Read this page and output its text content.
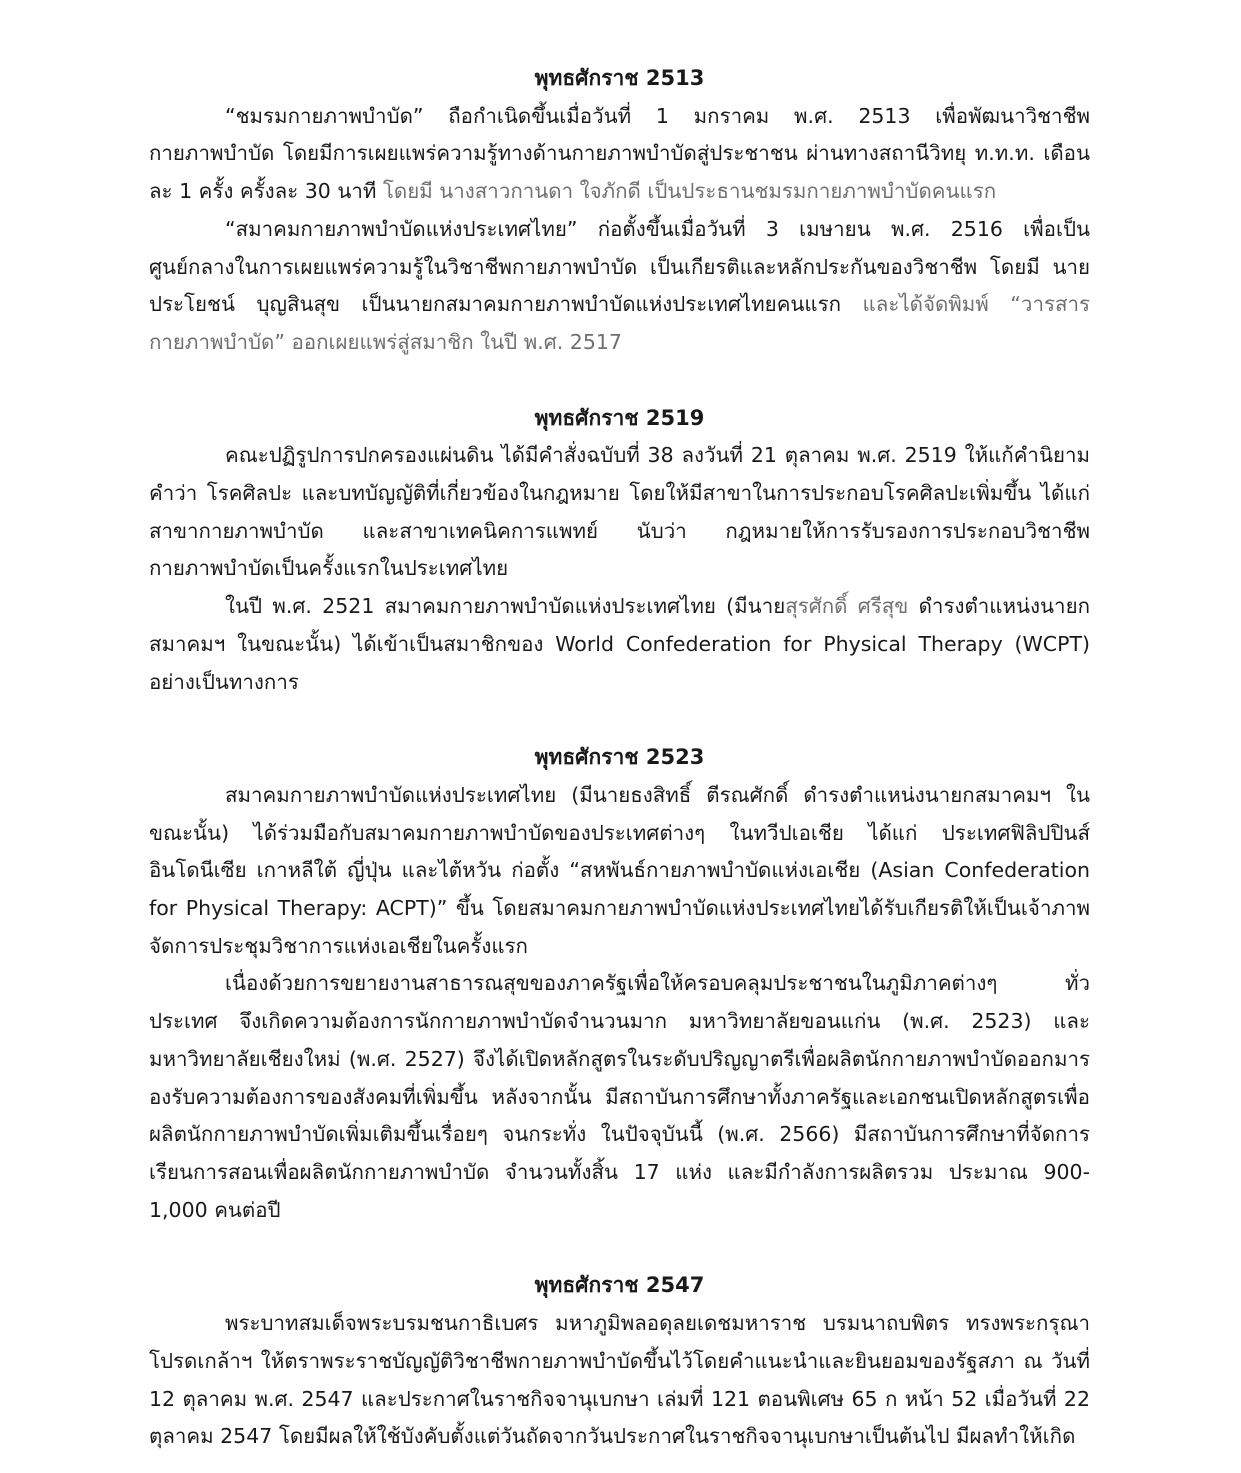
พุทธศักราช 2513

“ชมรมกายภาพบำบัด” ถือกำเนิดขึ้นเมื่อวันที่ 1 มกราคม พ.ศ. 2513 เพื่อพัฒนาวิชาชีพกายภาพบำบัด โดยมีการเผยแพร่ความรู้ทางด้านกายภาพบำบัดสู่ประชาชน ผ่านทางสถานีวิทยุ ท.ท.ท. เดือนละ 1 ครั้ง ครั้งละ 30 นาที โดยมี นางสาวกานดา ใจภักดี เป็นประธานชมรมกายภาพบำบัดคนแรก

“สมาคมกายภาพบำบัดแห่งประเทศไทย” ก่อตั้งขึ้นเมื่อวันที่ 3 เมษายน พ.ศ. 2516 เพื่อเป็นศูนย์กลางในการเผยแพร่ความรู้ในวิชาชีพกายภาพบำบัด เป็นเกียรติและหลักประกันของวิชาชีพ โดยมี นายประโยชน์ บุญสินสุข เป็นนายกสมาคมกายภาพบำบัดแห่งประเทศไทยคนแรก และได้จัดพิมพ์ “วารสารกายภาพบำบัด” ออกเผยแพร่สู่สมาชิก ในปี พ.ศ. 2517

พุทธศักราช 2519

คณะปฏิรูปการปกครองแผ่นดิน ได้มีคำสั่งฉบับที่ 38 ลงวันที่ 21 ตุลาคม พ.ศ. 2519 ให้แก้คำนิยามคำว่า โรคศิลปะ และบทบัญญัติที่เกี่ยวข้องในกฎหมาย โดยให้มีสาขาในการประกอบโรคศิลปะเพิ่มขึ้น ได้แก่ สาขากายภาพบำบัด และสาขาเทคนิคการแพทย์ นับว่า กฎหมายให้การรับรองการประกอบวิชาชีพกายภาพบำบัดเป็นครั้งแรกในประเทศไทย

ในปี พ.ศ. 2521 สมาคมกายภาพบำบัดแห่งประเทศไทย (มีนายสุรศักดิ์ ศรีสุข ดำรงตำแหน่งนายกสมาคมฯ ในขณะนั้น) ได้เข้าเป็นสมาชิกของ World Confederation for Physical Therapy (WCPT) อย่างเป็นทางการ

พุทธศักราช 2523

สมาคมกายภาพบำบัดแห่งประเทศไทย (มีนายธงสิทธิ์ ตีรณศักดิ์ ดำรงตำแหน่งนายกสมาคมฯ ในขณะนั้น) ได้ร่วมมือกับสมาคมกายภาพบำบัดของประเทศต่างๆ ในทวีปเอเชีย ได้แก่ ประเทศฟิลิปปินส์ อินโดนีเซีย เกาหลีใต้ ญี่ปุ่น และไต้หวัน ก่อตั้ง “สหพันธ์กายภาพบำบัดแห่งเอเชีย (Asian Confederation for Physical Therapy: ACPT)” ขึ้น โดยสมาคมกายภาพบำบัดแห่งประเทศไทยได้รับเกียรติให้เป็นเจ้าภาพจัดการประชุมวิชาการแห่งเอเชียในครั้งแรก

เนื่องด้วยการขยายงานสาธารณสุขของภาครัฐเพื่อให้ครอบคลุมประชาชนในภูมิภาคต่างๆ ทั่วประเทศ จึงเกิดความต้องการนักกายภาพบำบัดจำนวนมาก มหาวิทยาลัยขอนแก่น (พ.ศ. 2523) และมหาวิทยาลัยเชียงใหม่ (พ.ศ. 2527) จึงได้เปิดหลักสูตรในระดับปริญญาตรีเพื่อผลิตนักกายภาพบำบัดออกมารองรับความต้องการของสังคมที่เพิ่มขึ้น หลังจากนั้น มีสถาบันการศึกษาทั้งภาครัฐและเอกชนเปิดหลักสูตรเพื่อผลิตนักกายภาพบำบัดเพิ่มเติมขึ้นเรื่อยๆ จนกระทั่ง ในปัจจุบันนี้ (พ.ศ. 2566) มีสถาบันการศึกษาที่จัดการเรียนการสอนเพื่อผลิตนักกายภาพบำบัด จำนวนทั้งสิ้น 17 แห่ง และมีกำลังการผลิตรวม ประมาณ 900-1,000 คนต่อปี

พุทธศักราช 2547

พระบาทสมเด็จพระบรมชนกาธิเบศร มหาภูมิพลอดุลยเดชมหาราช บรมนาถบพิตร ทรงพระกรุณาโปรดเกล้าฯ ให้ตราพระราชบัญญัติวิชาชีพกายภาพบำบัดขึ้นไว้โดยคำแนะนำและยินยอมของรัฐสภา ณ วันที่ 12 ตุลาคม พ.ศ. 2547 และประกาศในราชกิจจานุเบกษา เล่มที่ 121 ตอนพิเศษ 65 ก หน้า 52 เมื่อวันที่ 22 ตุลาคม 2547 โดยมีผลให้ใช้บังคับตั้งแต่วันถัดจากวันประกาศในราชกิจจานุเบกษาเป็นต้นไป มีผลทำให้เกิด
